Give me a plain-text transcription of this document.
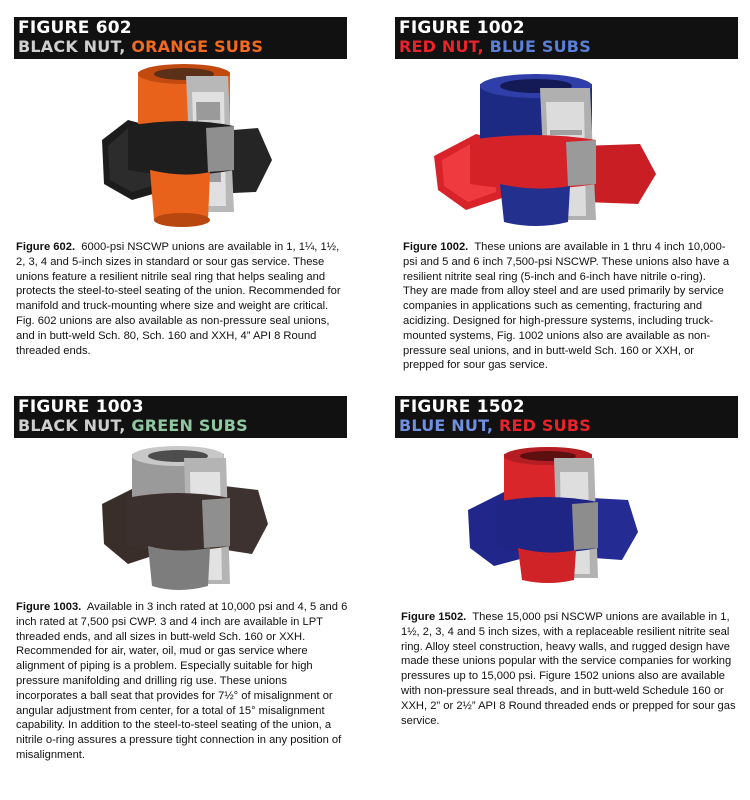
FIGURE 602
BLACK NUT, ORANGE SUBS

Figure 602. 6000-psi NSCWP unions are available in 1, 1¼, 1½, 2, 3, 4 and 5-inch sizes in standard or sour gas service. These unions feature a resilient nitrile seal ring that helps sealing and protects the steel-to-steel seating of the union. Recommended for manifold and truck-mounting where size and weight are critical. Fig. 602 unions are also available as non-pressure seal unions, and in butt-weld Sch. 80, Sch. 160 and XXH, 4” API 8 Round threaded ends.

FIGURE 1002
RED NUT, BLUE SUBS

Figure 1002. These unions are available in 1 thru 4 inch 10,000-psi and 5 and 6 inch 7,500-psi NSCWP. These unions also have a resilient nitrite seal ring (5-inch and 6-inch have nitrile o-ring). They are made from alloy steel and are used primarily by service companies in applications such as cementing, fracturing and acidizing. Designed for high-pressure systems, including truck-mounted systems, Fig. 1002 unions also are available as non-pressure seal unions, and in butt-weld Sch. 160 or XXH, or prepped for sour gas service.

FIGURE 1003
BLACK NUT, GREEN SUBS

Figure 1003. Available in 3 inch rated at 10,000 psi and 4, 5 and 6 inch rated at 7,500 psi CWP. 3 and 4 inch are available in LPT threaded ends, and all sizes in butt-weld Sch. 160 or XXH. Recommended for air, water, oil, mud or gas service where alignment of piping is a problem. Especially suitable for high pressure manifolding and drilling rig use. These unions incorporates a ball seat that provides for 7½° of misalignment or angular adjustment from center, for a total of 15° misalignment capability. In addition to the steel-to-steel seating of the union, a nitrile o-ring assures a pressure tight connection in any position of misalignment.

FIGURE 1502
BLUE NUT, RED SUBS

Figure 1502. These 15,000 psi NSCWP unions are available in 1, 1½, 2, 3, 4 and 5 inch sizes, with a replaceable resilient nitrite seal ring. Alloy steel construction, heavy walls, and rugged design have made these unions popular with the service companies for working pressures up to 15,000 psi. Figure 1502 unions also are available with non-pressure seal threads, and in butt-weld Schedule 160 or XXH, 2” or 2½” API 8 Round threaded ends or prepped for sour gas service.
